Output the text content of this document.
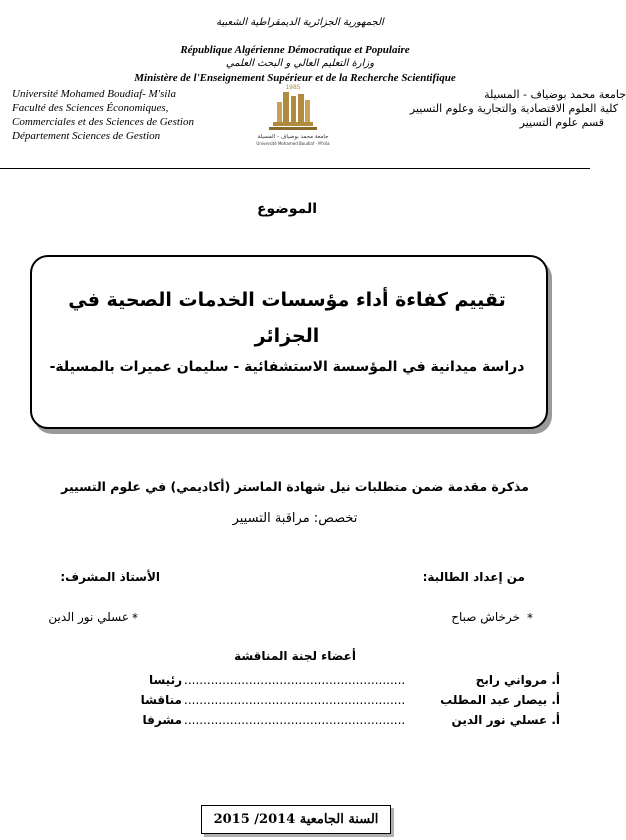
الجمهورية الجزائرية الديمقراطية الشعبية
République Algérienne Démocratique et Populaire
وزارة التعليم العالي و البحث العلمي
Ministère de l'Enseignement Supérieur et de la Recherche Scientifique
Université Mohamed Boudiaf- M'sila
Faculté des Sciences Économiques,
Commerciales et des Sciences de Gestion
Département Sciences de Gestion
جامعة محمد بوضياف - المسيلة
كلية العلوم الاقتصادية والتجارية وعلوم التسيير
قسم علوم التسيير
1985
جامعة محمد بوضياف - المسيلة
Université Mohamed Boudiaf - M'sila
الموضوع
تقييم كفاءة أداء مؤسسات الخدمات الصحية في
الجزائر
دراسة ميدانية في المؤسسة الاستشفائية - سليمان عميرات بالمسيلة-
مذكرة مقدمة ضمن متطلبات نيل شهادة الماستر (أكاديمي) في علوم التسيير
تخصص: مراقبة التسيير
من إعداد الطالبة:
الأستاذ المشرف:
*
خرخاش صباح
*
عسلي نور الدين
أعضاء لجنة المناقشة
أ. مرواني رابح
..........................................................
رئيسا
أ. بيصار عبد المطلب
..........................................................
مناقشا
أ. عسلي نور الدين
..........................................................
مشرفا
السنة الجامعية 2014/ 2015
